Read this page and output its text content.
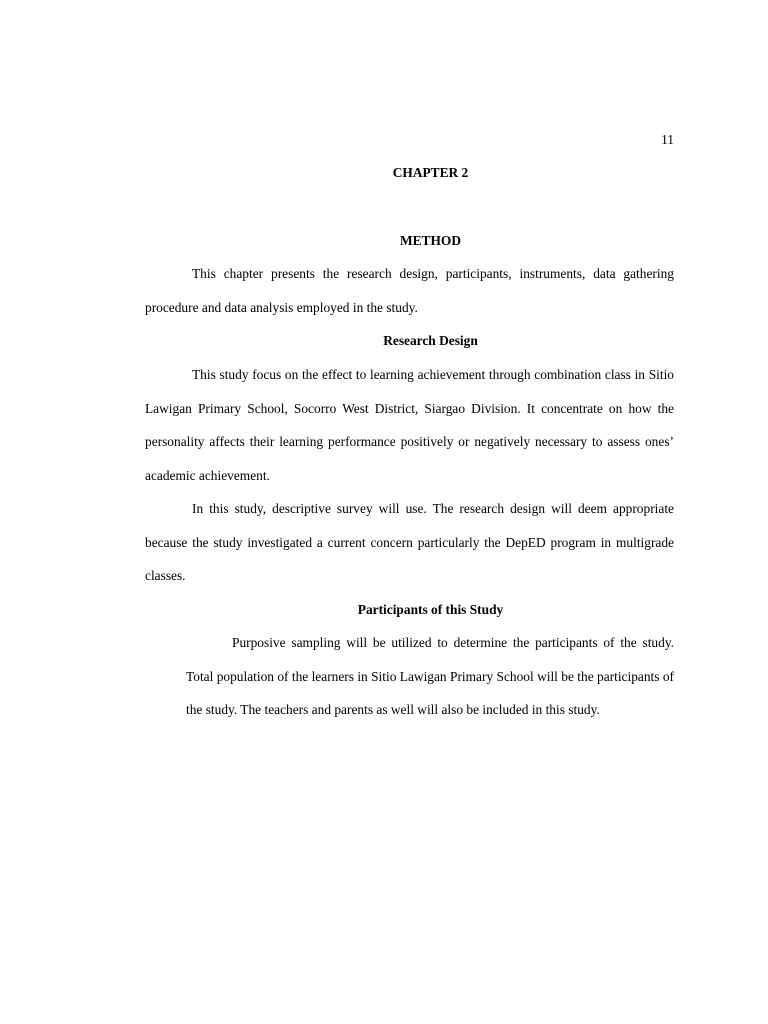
11
CHAPTER 2
METHOD

This chapter presents the research design, participants, instruments, data gathering procedure and data analysis employed in the study.

Research Design

This study focus on the effect to learning achievement through combination class in Sitio Lawigan Primary School, Socorro West District, Siargao Division. It concentrate on how the personality affects their learning performance positively or negatively necessary to assess ones’ academic achievement.

In this study, descriptive survey will use. The research design will deem appropriate because the study investigated a current concern particularly the DepED program in multigrade classes.

Participants of this Study

Purposive sampling will be utilized to determine the participants of the study. Total population of the learners in Sitio Lawigan Primary School will be the participants of the study. The teachers and parents as well will also be included in this study.
